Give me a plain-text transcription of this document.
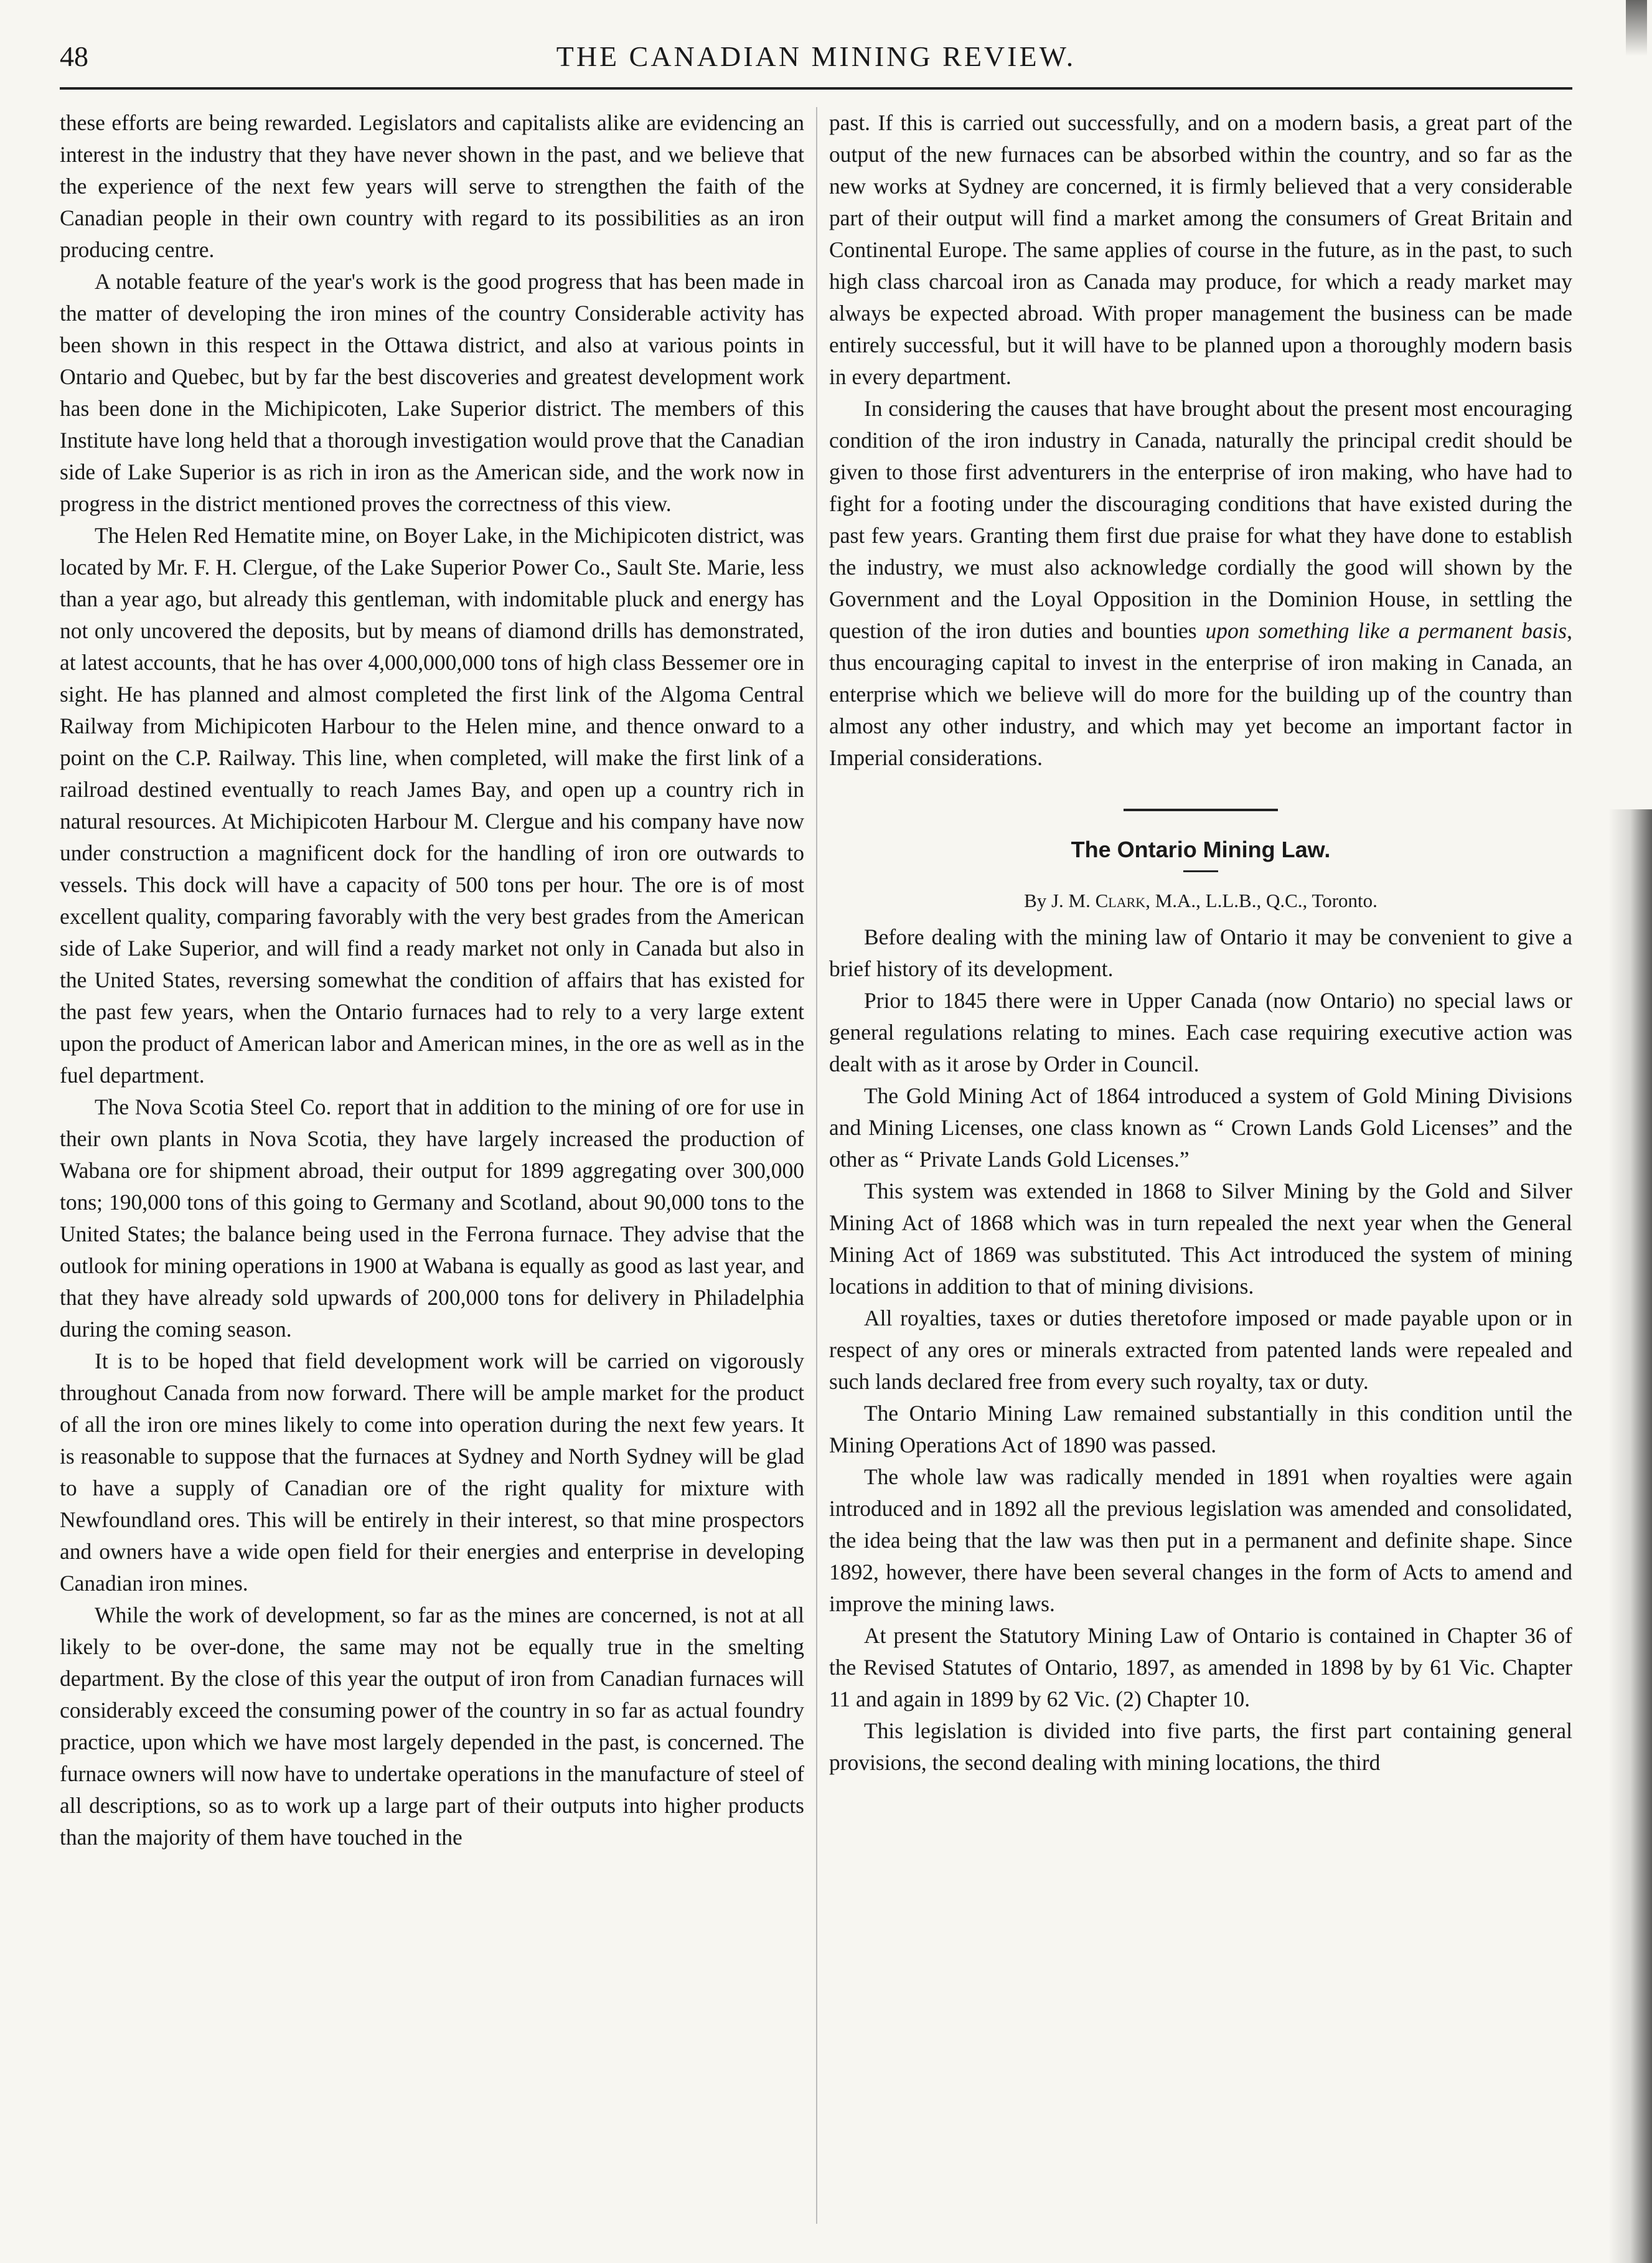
48	THE CANADIAN MINING REVIEW.

these efforts are being rewarded. Legislators and capitalists alike are evidencing an interest in the industry that they have never shown in the past, and we believe that the experience of the next few years will serve to strengthen the faith of the Canadian people in their own country with regard to its possibilities as an iron producing centre.

A notable feature of the year's work is the good progress that has been made in the matter of developing the iron mines of the country Considerable activity has been shown in this respect in the Ottawa district, and also at various points in Ontario and Quebec, but by far the best discoveries and greatest development work has been done in the Michipicoten, Lake Superior district. The members of this Institute have long held that a thorough investigation would prove that the Canadian side of Lake Superior is as rich in iron as the American side, and the work now in progress in the district mentioned proves the correctness of this view.

The Helen Red Hematite mine, on Boyer Lake, in the Michipicoten district, was located by Mr. F. H. Clergue, of the Lake Superior Power Co., Sault Ste. Marie, less than a year ago, but already this gentleman, with indomitable pluck and energy has not only uncovered the deposits, but by means of diamond drills has demonstrated, at latest accounts, that he has over 4,000,000,000 tons of high class Bessemer ore in sight. He has planned and almost completed the first link of the Algoma Central Railway from Michipicoten Harbour to the Helen mine, and thence onward to a point on the C.P. Railway. This line, when completed, will make the first link of a railroad destined eventually to reach James Bay, and open up a country rich in natural resources. At Michipicoten Harbour M. Clergue and his company have now under construction a magnificent dock for the handling of iron ore outwards to vessels. This dock will have a capacity of 500 tons per hour. The ore is of most excellent quality, comparing favorably with the very best grades from the American side of Lake Superior, and will find a ready market not only in Canada but also in the United States, reversing somewhat the condition of affairs that has existed for the past few years, when the Ontario furnaces had to rely to a very large extent upon the product of American labor and American mines, in the ore as well as in the fuel department.

The Nova Scotia Steel Co. report that in addition to the mining of ore for use in their own plants in Nova Scotia, they have largely increased the production of Wabana ore for shipment abroad, their output for 1899 aggregating over 300,000 tons; 190,000 tons of this going to Germany and Scotland, about 90,000 tons to the United States; the balance being used in the Ferrona furnace. They advise that the outlook for mining operations in 1900 at Wabana is equally as good as last year, and that they have already sold upwards of 200,000 tons for delivery in Philadelphia during the coming season.

It is to be hoped that field development work will be carried on vigorously throughout Canada from now forward. There will be ample market for the product of all the iron ore mines likely to come into operation during the next few years. It is reasonable to suppose that the furnaces at Sydney and North Sydney will be glad to have a supply of Canadian ore of the right quality for mixture with Newfoundland ores. This will be entirely in their interest, so that mine prospectors and owners have a wide open field for their energies and enterprise in developing Canadian iron mines.

While the work of development, so far as the mines are concerned, is not at all likely to be over-done, the same may not be equally true in the smelting department. By the close of this year the output of iron from Canadian furnaces will considerably exceed the consuming power of the country in so far as actual foundry practice, upon which we have most largely depended in the past, is concerned. The furnace owners will now have to undertake operations in the manufacture of steel of all descriptions, so as to work up a large part of their outputs into higher products than the majority of them have touched in the

past. If this is carried out successfully, and on a modern basis, a great part of the output of the new furnaces can be absorbed within the country, and so far as the new works at Sydney are concerned, it is firmly believed that a very considerable part of their output will find a market among the consumers of Great Britain and Continental Europe. The same applies of course in the future, as in the past, to such high class charcoal iron as Canada may produce, for which a ready market may always be expected abroad. With proper management the business can be made entirely successful, but it will have to be planned upon a thoroughly modern basis in every department.

In considering the causes that have brought about the present most encouraging condition of the iron industry in Canada, naturally the principal credit should be given to those first adventurers in the enterprise of iron making, who have had to fight for a footing under the discouraging conditions that have existed during the past few years. Granting them first due praise for what they have done to establish the industry, we must also acknowledge cordially the good will shown by the Government and the Loyal Opposition in the Dominion House, in settling the question of the iron duties and bounties upon something like a permanent basis, thus encouraging capital to invest in the enterprise of iron making in Canada, an enterprise which we believe will do more for the building up of the country than almost any other industry, and which may yet become an important factor in Imperial considerations.

The Ontario Mining Law.
By J. M. Clark, M.A., L.L.B., Q.C., Toronto.

Before dealing with the mining law of Ontario it may be convenient to give a brief history of its development.

Prior to 1845 there were in Upper Canada (now Ontario) no special laws or general regulations relating to mines. Each case requiring executive action was dealt with as it arose by Order in Council.

The Gold Mining Act of 1864 introduced a system of Gold Mining Divisions and Mining Licenses, one class known as “ Crown Lands Gold Licenses” and the other as “ Private Lands Gold Licenses.”

This system was extended in 1868 to Silver Mining by the Gold and Silver Mining Act of 1868 which was in turn repealed the next year when the General Mining Act of 1869 was substituted. This Act introduced the system of mining locations in addition to that of mining divisions.

All royalties, taxes or duties theretofore imposed or made payable upon or in respect of any ores or minerals extracted from patented lands were repealed and such lands declared free from every such royalty, tax or duty.

The Ontario Mining Law remained substantially in this condition until the Mining Operations Act of 1890 was passed.

The whole law was radically mended in 1891 when royalties were again introduced and in 1892 all the previous legislation was amended and consolidated, the idea being that the law was then put in a permanent and definite shape. Since 1892, however, there have been several changes in the form of Acts to amend and improve the mining laws.

At present the Statutory Mining Law of Ontario is contained in Chapter 36 of the Revised Statutes of Ontario, 1897, as amended in 1898 by by 61 Vic. Chapter 11 and again in 1899 by 62 Vic. (2) Chapter 10.

This legislation is divided into five parts, the first part containing general provisions, the second dealing with mining locations, the third
